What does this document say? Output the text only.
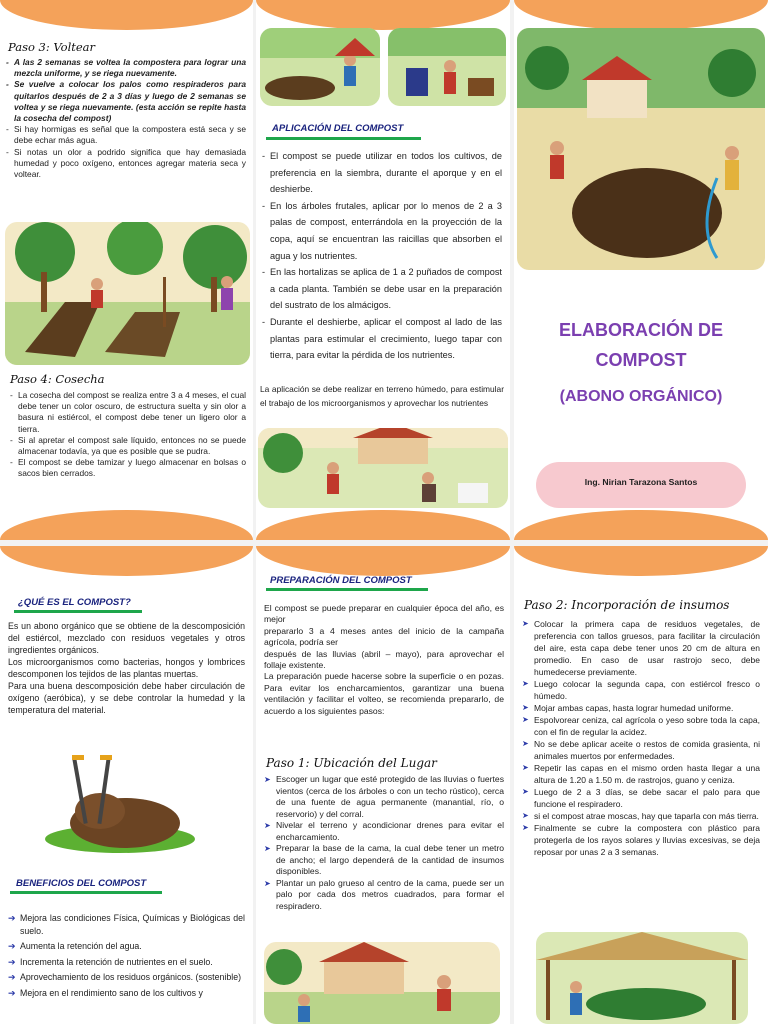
Paso 3: Voltear
- A las 2 semanas se voltea la compostera para lograr una mezcla uniforme, y se riega nuevamente.
- Se vuelve a colocar los palos como respiraderos para quitarlos después de 2 a 3 días y luego de 2 semanas se voltea y se riega nuevamente. (esta acción se repite hasta la cosecha del compost)
- Si hay hormigas es señal que la compostera está seca y se debe echar más agua.
- Si notas un olor a podrido significa que hay demasiada humedad y poco oxígeno, entonces agregar materia seca y voltear.
Paso 4: Cosecha
- La cosecha del compost se realiza entre 3 a 4 meses, el cual debe tener un color oscuro, de estructura suelta y sin olor a basura ni estiércol, el compost debe tener un ligero olor a tierra.
- Si al apretar el compost sale líquido, entonces no se puede almacenar todavía, ya que es posible que se pudra.
- El compost se debe tamizar y luego almacenar en bolsas o sacos bien cerrados.
APLICACIÓN DEL COMPOST
- El compost se puede utilizar en todos los cultivos, de preferencia en la siembra, durante el aporque y en el deshierbe.
- En los árboles frutales, aplicar por lo menos de 2 a 3 palas de compost, enterrándola en la proyección de la copa, aquí se encuentran las raicillas que absorben el agua y los nutrientes.
- En las hortalizas se aplica de 1 a 2 puñados de compost a cada planta. También se debe usar en la preparación del sustrato de los almácigos.
- Durante el deshierbe, aplicar el compost al lado de las plantas para estimular el crecimiento, luego tapar con tierra, para evitar la pérdida de los nutrientes.

La aplicación se debe realizar en terreno húmedo, para estimular el trabajo de los microorganismos y aprovechar los nutrientes

ELABORACIÓN DE
COMPOST
(ABONO ORGÁNICO)
Ing. Nirian Tarazona Santos
¿QUÉ ES EL COMPOST?

Es un abono orgánico que se obtiene de la descomposición del estiércol, mezclado con residuos vegetales y otros ingredientes orgánicos.

Los microorganismos como bacterias, hongos y lombrices descomponen los tejidos de las plantas muertas.

Para una buena descomposición debe haber circulación de oxígeno (aeróbica), y se debe controlar la humedad y la temperatura del material.

BENEFICIOS DEL COMPOST
➔ Mejora las condiciones Física, Químicas y Biológicas del suelo.
➔ Aumenta la retención del agua.
➔ Incrementa la retención de nutrientes en el suelo.
➔ Aprovechamiento de los residuos orgánicos. (sostenible)
➔ Mejora en el rendimiento sano de los cultivos y
PREPARACIÓN DEL COMPOST

El compost se puede preparar en cualquier época del año, es mejor

prepararlo 3 a 4 meses antes del inicio de la campaña agrícola, podría ser

después de las lluvias (abril – mayo), para aprovechar el follaje existente.

La preparación puede hacerse sobre la superficie o en pozas. Para evitar los encharcamientos, garantizar una buena ventilación y facilitar el volteo, se recomienda prepararlo, de acuerdo a los siguientes pasos:

Paso 1: Ubicación del Lugar
➤ Escoger un lugar que esté protegido de las lluvias o fuertes vientos (cerca de los árboles o con un techo rústico), cerca de una fuente de agua permanente (manantial, río, o reservorio) y del corral.
➤ Nivelar el terreno y acondicionar drenes para evitar el encharcamiento.
➤ Preparar la base de la cama, la cual debe tener un metro de ancho; el largo dependerá de la cantidad de insumos disponibles.
➤ Plantar un palo grueso al centro de la cama, puede ser un palo por cada dos metros cuadrados, para formar el respiradero.
Paso 2: Incorporación de insumos
➤ Colocar la primera capa de residuos vegetales, de preferencia con tallos gruesos, para facilitar la circulación del aire, esta capa debe tener unos 20 cm de altura en promedio. En caso de usar rastrojo seco, debe humedecerse previamente.
➤ Luego colocar la segunda capa, con estiércol fresco o húmedo.
➤ Mojar ambas capas, hasta lograr humedad uniforme.
➤ Espolvorear ceniza, cal agrícola o yeso sobre toda la capa, con el fin de regular la acidez.
➤ No se debe aplicar aceite o restos de comida grasienta, ni animales muertos por enfermedades.
➤ Repetir las capas en el mismo orden hasta llegar a una altura de 1.20 a 1.50 m. de rastrojos, guano y ceniza.
➤ Luego de 2 a 3 días, se debe sacar el palo para que funcione el respiradero.
➤ si el compost atrae moscas, hay que taparla con más tierra.
➤ Finalmente se cubre la compostera con plástico para protegerla de los rayos solares y lluvias excesivas, se deja reposar por unas 2 a 3 semanas.
